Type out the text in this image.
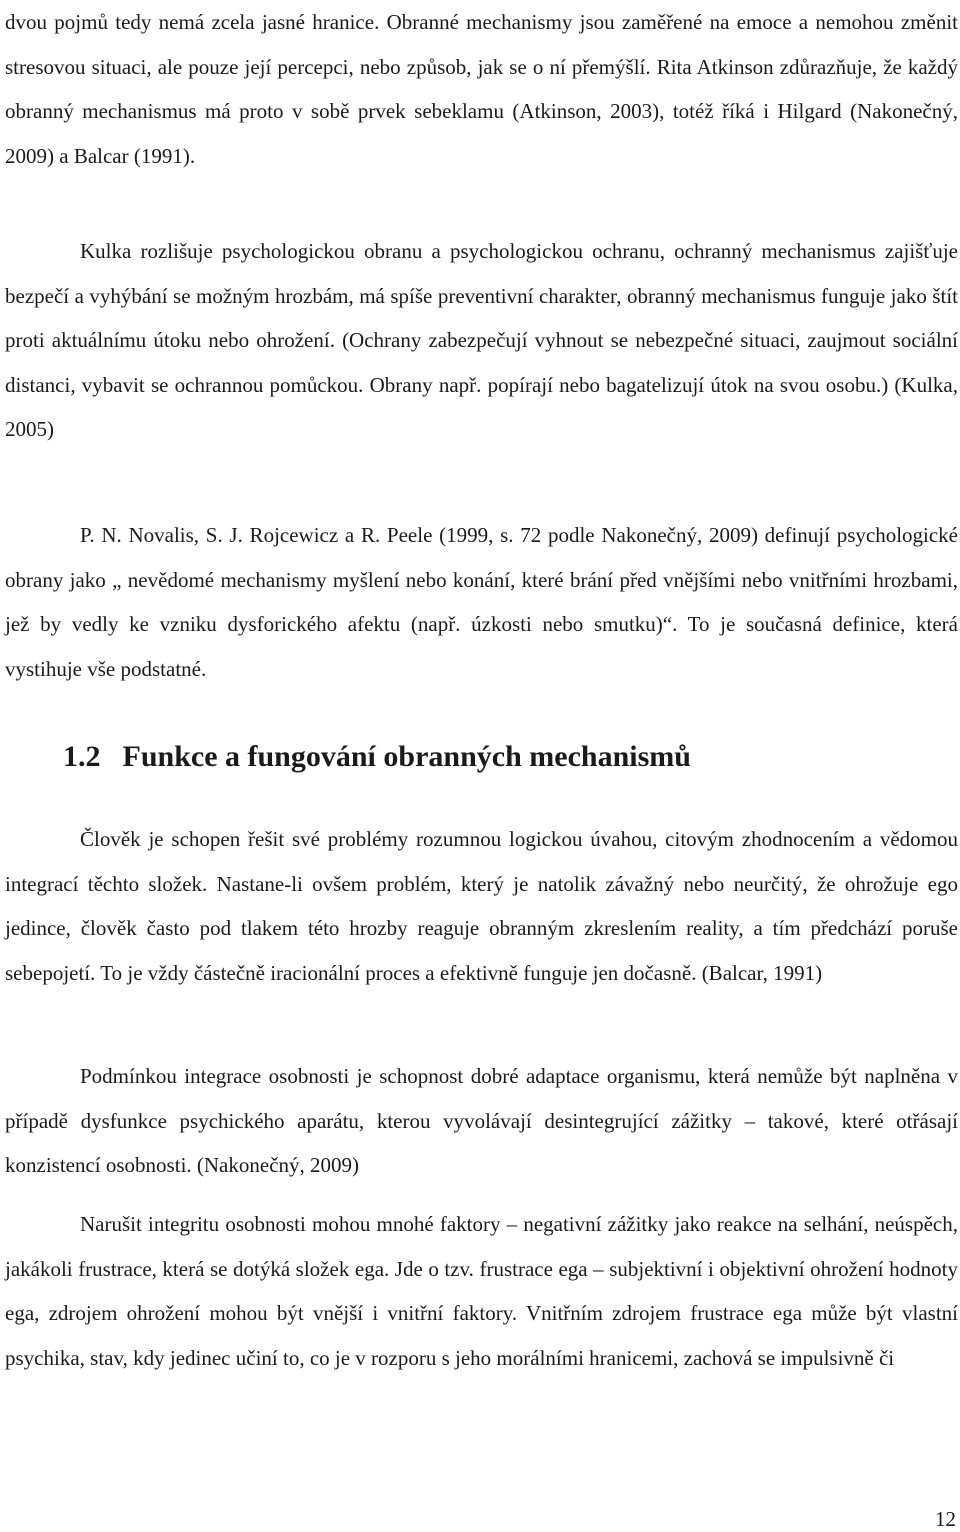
dvou pojmů tedy nemá zcela jasné hranice. Obranné mechanismy jsou zaměřené na emoce a nemohou změnit stresovou situaci, ale pouze její percepci, nebo způsob, jak se o ní přemýšlí. Rita Atkinson zdůrazňuje, že každý obranný mechanismus má proto v sobě prvek sebeklamu (Atkinson, 2003), totéž říká i Hilgard (Nakonečný, 2009) a Balcar (1991).

Kulka rozlišuje psychologickou obranu a psychologickou ochranu, ochranný mechanismus zajišťuje bezpečí a vyhýbání se možným hrozbám, má spíše preventivní charakter, obranný mechanismus funguje jako štít proti aktuálnímu útoku nebo ohrožení. (Ochrany zabezpečují vyhnout se nebezpečné situaci, zaujmout sociální distanci, vybavit se ochrannou pomůckou. Obrany např. popírají nebo bagatelizují útok na svou osobu.) (Kulka, 2005)

P. N. Novalis, S. J. Rojcewicz a R. Peele (1999, s. 72 podle Nakonečný, 2009) definují psychologické obrany jako „ nevědomé mechanismy myšlení nebo konání, které brání před vnějšími nebo vnitřními hrozbami, jež by vedly ke vzniku dysforického afektu (např. úzkosti nebo smutku)“. To je současná definice, která vystihuje vše podstatné.

1.2 Funkce a fungování obranných mechanismů

Člověk je schopen řešit své problémy rozumnou logickou úvahou, citovým zhodnocením a vědomou integrací těchto složek. Nastane-li ovšem problém, který je natolik závažný nebo neurčitý, že ohrožuje ego jedince, člověk často pod tlakem této hrozby reaguje obranným zkreslením reality, a tím předchází poruše sebepojetí. To je vždy částečně iracionální proces a efektivně funguje jen dočasně. (Balcar, 1991)

Podmínkou integrace osobnosti je schopnost dobré adaptace organismu, která nemůže být naplněna v případě dysfunkce psychického aparátu, kterou vyvolávají desintegrující zážitky – takové, které otřásají konzistencí osobnosti. (Nakonečný, 2009)

Narušit integritu osobnosti mohou mnohé faktory – negativní zážitky jako reakce na selhání, neúspěch, jakákoli frustrace, která se dotýká složek ega. Jde o tzv. frustrace ega – subjektivní i objektivní ohrožení hodnoty ega, zdrojem ohrožení mohou být vnější i vnitřní faktory. Vnitřním zdrojem frustrace ega může být vlastní psychika, stav, kdy jedinec učiní to, co je v rozporu s jeho morálními hranicemi, zachová se impulsivně či

12
